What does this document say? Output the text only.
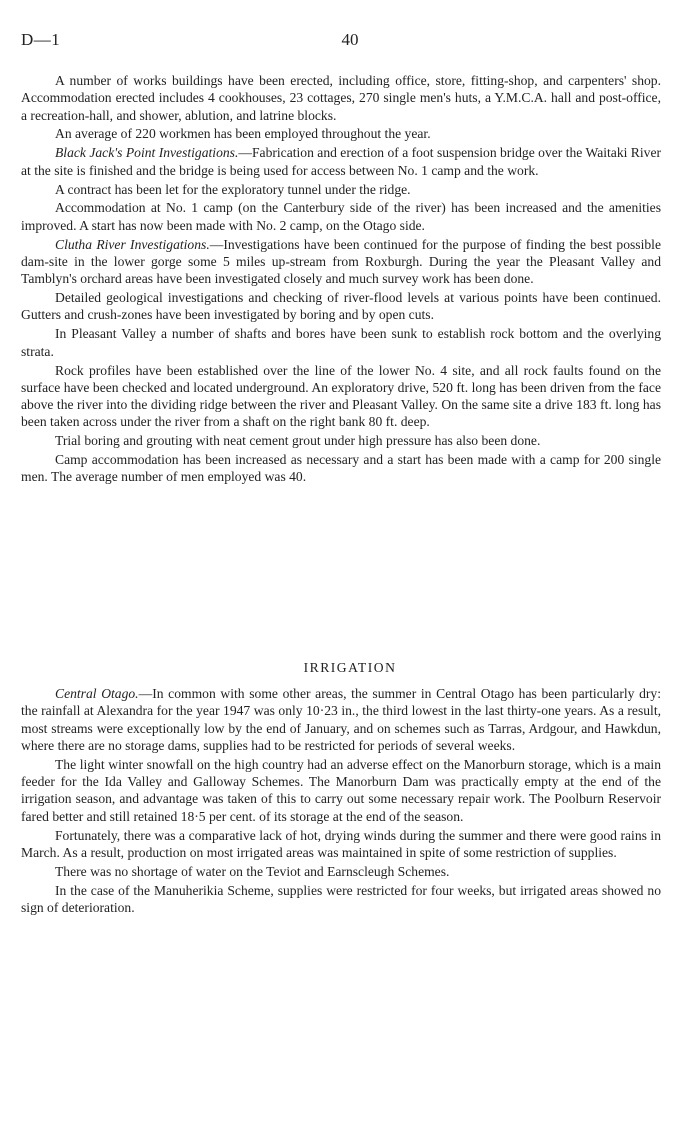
D—1	40

A number of works buildings have been erected, including office, store, fitting-shop, and carpenters' shop. Accommodation erected includes 4 cookhouses, 23 cottages, 270 single men's huts, a Y.M.C.A. hall and post-office, a recreation-hall, and shower, ablution, and latrine blocks.

An average of 220 workmen has been employed throughout the year.

Black Jack's Point Investigations.—Fabrication and erection of a foot suspension bridge over the Waitaki River at the site is finished and the bridge is being used for access between No. 1 camp and the work.

A contract has been let for the exploratory tunnel under the ridge.

Accommodation at No. 1 camp (on the Canterbury side of the river) has been increased and the amenities improved. A start has now been made with No. 2 camp, on the Otago side.

Clutha River Investigations.—Investigations have been continued for the purpose of finding the best possible dam-site in the lower gorge some 5 miles up-stream from Roxburgh. During the year the Pleasant Valley and Tamblyn's orchard areas have been investigated closely and much survey work has been done.

Detailed geological investigations and checking of river-flood levels at various points have been continued. Gutters and crush-zones have been investigated by boring and by open cuts.

In Pleasant Valley a number of shafts and bores have been sunk to establish rock bottom and the overlying strata.

Rock profiles have been established over the line of the lower No. 4 site, and all rock faults found on the surface have been checked and located underground. An exploratory drive, 520 ft. long has been driven from the face above the river into the dividing ridge between the river and Pleasant Valley. On the same site a drive 183 ft. long has been taken across under the river from a shaft on the right bank 80 ft. deep.

Trial boring and grouting with neat cement grout under high pressure has also been done.

Camp accommodation has been increased as necessary and a start has been made with a camp for 200 single men. The average number of men employed was 40.

IRRIGATION

Central Otago.—In common with some other areas, the summer in Central Otago has been particularly dry: the rainfall at Alexandra for the year 1947 was only 10·23 in., the third lowest in the last thirty-one years. As a result, most streams were exceptionally low by the end of January, and on schemes such as Tarras, Ardgour, and Hawkdun, where there are no storage dams, supplies had to be restricted for periods of several weeks.

The light winter snowfall on the high country had an adverse effect on the Manorburn storage, which is a main feeder for the Ida Valley and Galloway Schemes. The Manorburn Dam was practically empty at the end of the irrigation season, and advantage was taken of this to carry out some necessary repair work. The Poolburn Reservoir fared better and still retained 18·5 per cent. of its storage at the end of the season.

Fortunately, there was a comparative lack of hot, drying winds during the summer and there were good rains in March. As a result, production on most irrigated areas was maintained in spite of some restriction of supplies.

There was no shortage of water on the Teviot and Earnscleugh Schemes.

In the case of the Manuherikia Scheme, supplies were restricted for four weeks, but irrigated areas showed no sign of deterioration.
